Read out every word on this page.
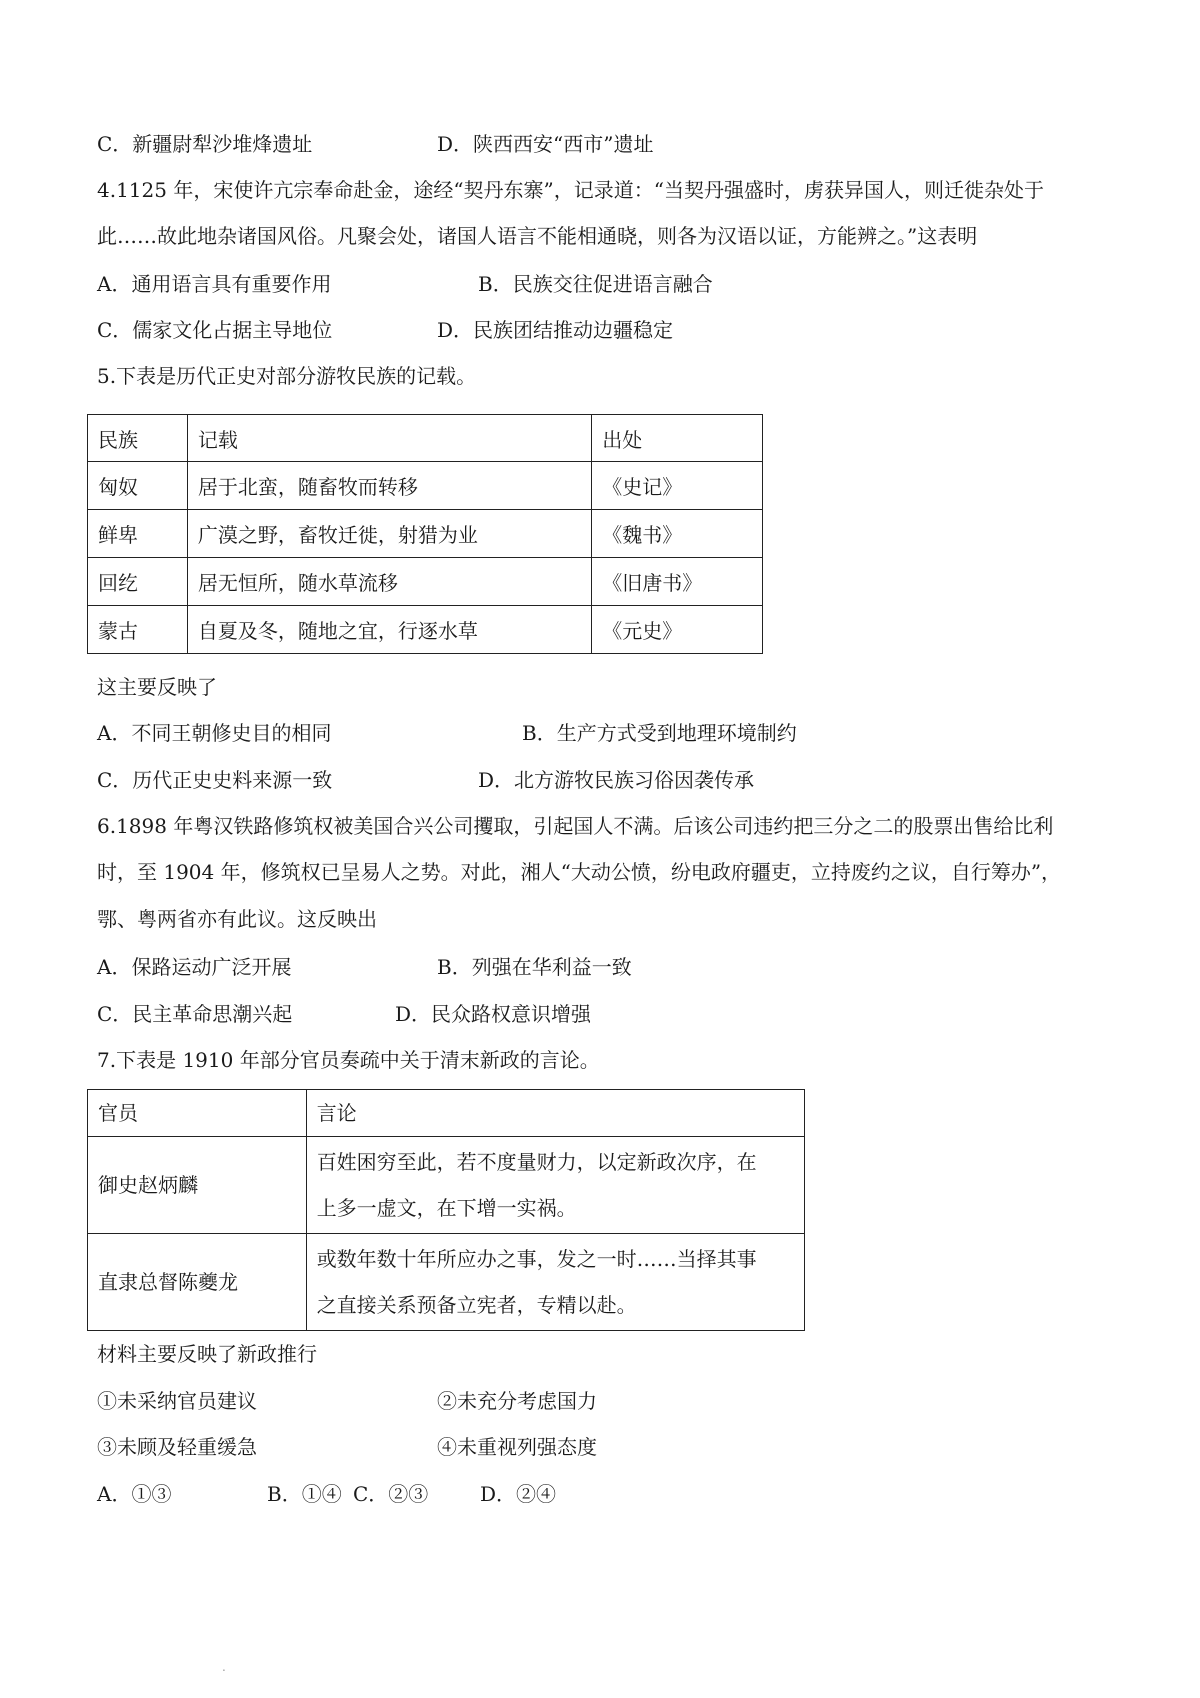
C．新疆尉犁沙堆烽遗址	D．陕西西安“西市”遗址
4.1125 年，宋使许亢宗奉命赴金，途经“契丹东寨”，记录道：“当契丹强盛时，虏获异国人，则迁徙杂处于
此……故此地杂诸国风俗。凡聚会处，诸国人语言不能相通晓，则各为汉语以证，方能辨之。”这表明
A．通用语言具有重要作用	B．民族交往促进语言融合
C．儒家文化占据主导地位	D．民族团结推动边疆稳定
5.下表是历代正史对部分游牧民族的记载。
民族	记载	出处
匈奴	居于北蛮，随畜牧而转移	《史记》
鲜卑	广漠之野，畜牧迁徙，射猎为业	《魏书》
回纥	居无恒所，随水草流移	《旧唐书》
蒙古	自夏及冬，随地之宜，行逐水草	《元史》
这主要反映了
A．不同王朝修史目的相同	B．生产方式受到地理环境制约
C．历代正史史料来源一致	D．北方游牧民族习俗因袭传承
6.1898 年粤汉铁路修筑权被美国合兴公司攫取，引起国人不满。后该公司违约把三分之二的股票出售给比利
时，至 1904 年，修筑权已呈易人之势。对此，湘人“大动公愤，纷电政府疆吏，立持废约之议，自行筹办”，
鄂、粤两省亦有此议。这反映出
A．保路运动广泛开展	B．列强在华利益一致
C．民主革命思潮兴起	D．民众路权意识增强
7.下表是 1910 年部分官员奏疏中关于清末新政的言论。
官员	言论
御史赵炳麟	百姓困穷至此，若不度量财力，以定新政次序，在
上多一虚文，在下增一实祸。

直隶总督陈夔龙	或数年数十年所应办之事，发之一时……当择其事
之直接关系预备立宪者，专精以赴。
材料主要反映了新政推行
①未采纳官员建议	②未充分考虑国力
③未顾及轻重缓急	④未重视列强态度
A．①③	B．①④ C．②③	D．②④
.
